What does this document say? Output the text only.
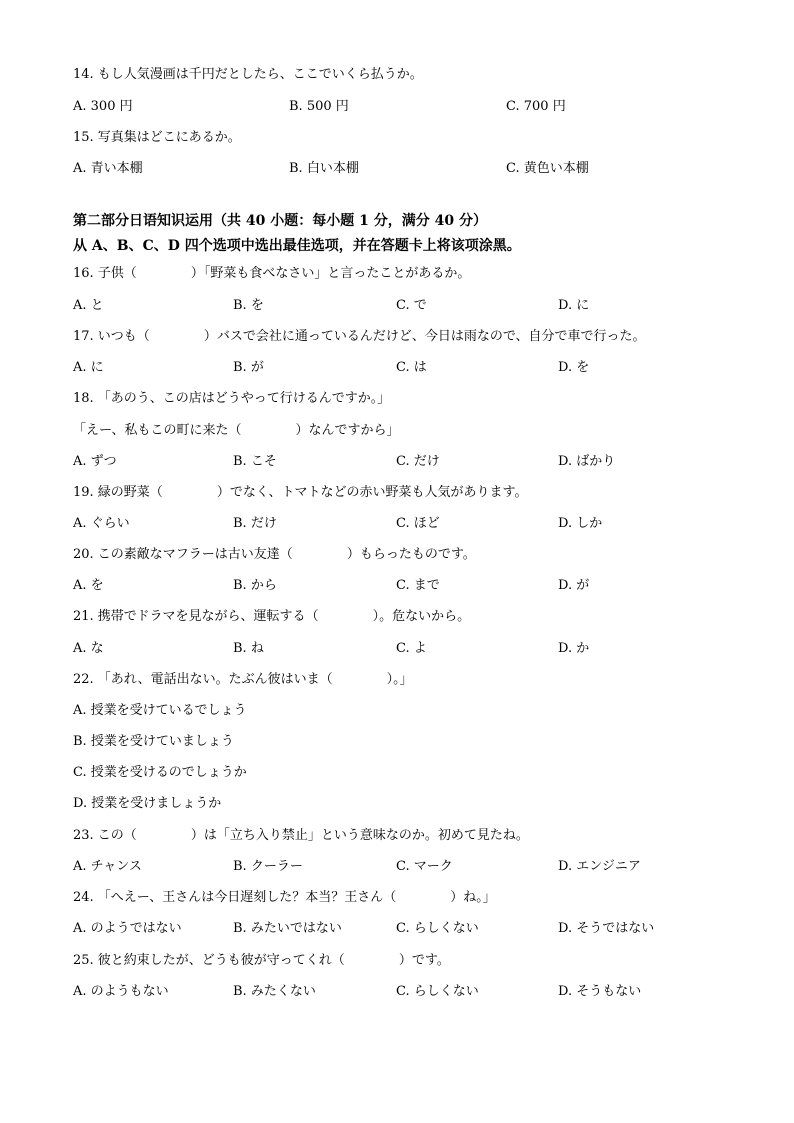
14. もし人気漫画は千円だとしたら、ここでいくら払うか。
A. 300 円	B. 500 円	C. 700 円
15. 写真集はどこにあるか。
A. 青い本棚	B. 白い本棚	C. 黄色い本棚
第二部分日语知识运用（共 40 小题：每小题 1 分，满分 40 分）
从 A、B、C、D 四个选项中选出最佳选项，并在答题卡上将该项涂黑。
16. 子供（	）「野菜も食べなさい」と言ったことがあるか。
A. と	B. を	C. で	D. に
17. いつも（	）バスで会社に通っているんだけど、今日は雨なので、自分で車で行った。
A. に	B. が	C. は	D. を
18. 「あのう、この店はどうやって行けるんですか。」
「えー、私もこの町に来た（	）なんですから」
A. ずつ	B. こそ	C. だけ	D. ばかり
19. 緑の野菜（	）でなく、トマトなどの赤い野菜も人気があります。
A. ぐらい	B. だけ	C. ほど	D. しか
20. この素敵なマフラーは古い友達（	）もらったものです。
A. を	B. から	C. まで	D. が
21. 携帯でドラマを見ながら、運転する（	）。危ないから。
A. な	B. ね	C. よ	D. か
22. 「あれ、電話出ない。たぶん彼はいま（	）。」
A. 授業を受けているでしょう
B. 授業を受けていましょう
C. 授業を受けるのでしょうか
D. 授業を受けましょうか
23. この（	）は「立ち入り禁止」という意味なのか。初めて見たね。
A. チャンス	B. クーラー	C. マーク	D. エンジニア
24. 「へえー、王さんは今日遅刻した？本当？王さん（	）ね。」
A. のようではない	B. みたいではない	C. らしくない	D. そうではない
25. 彼と約束したが、どうも彼が守ってくれ（	）です。
A. のようもない	B. みたくない	C. らしくない	D. そうもない
